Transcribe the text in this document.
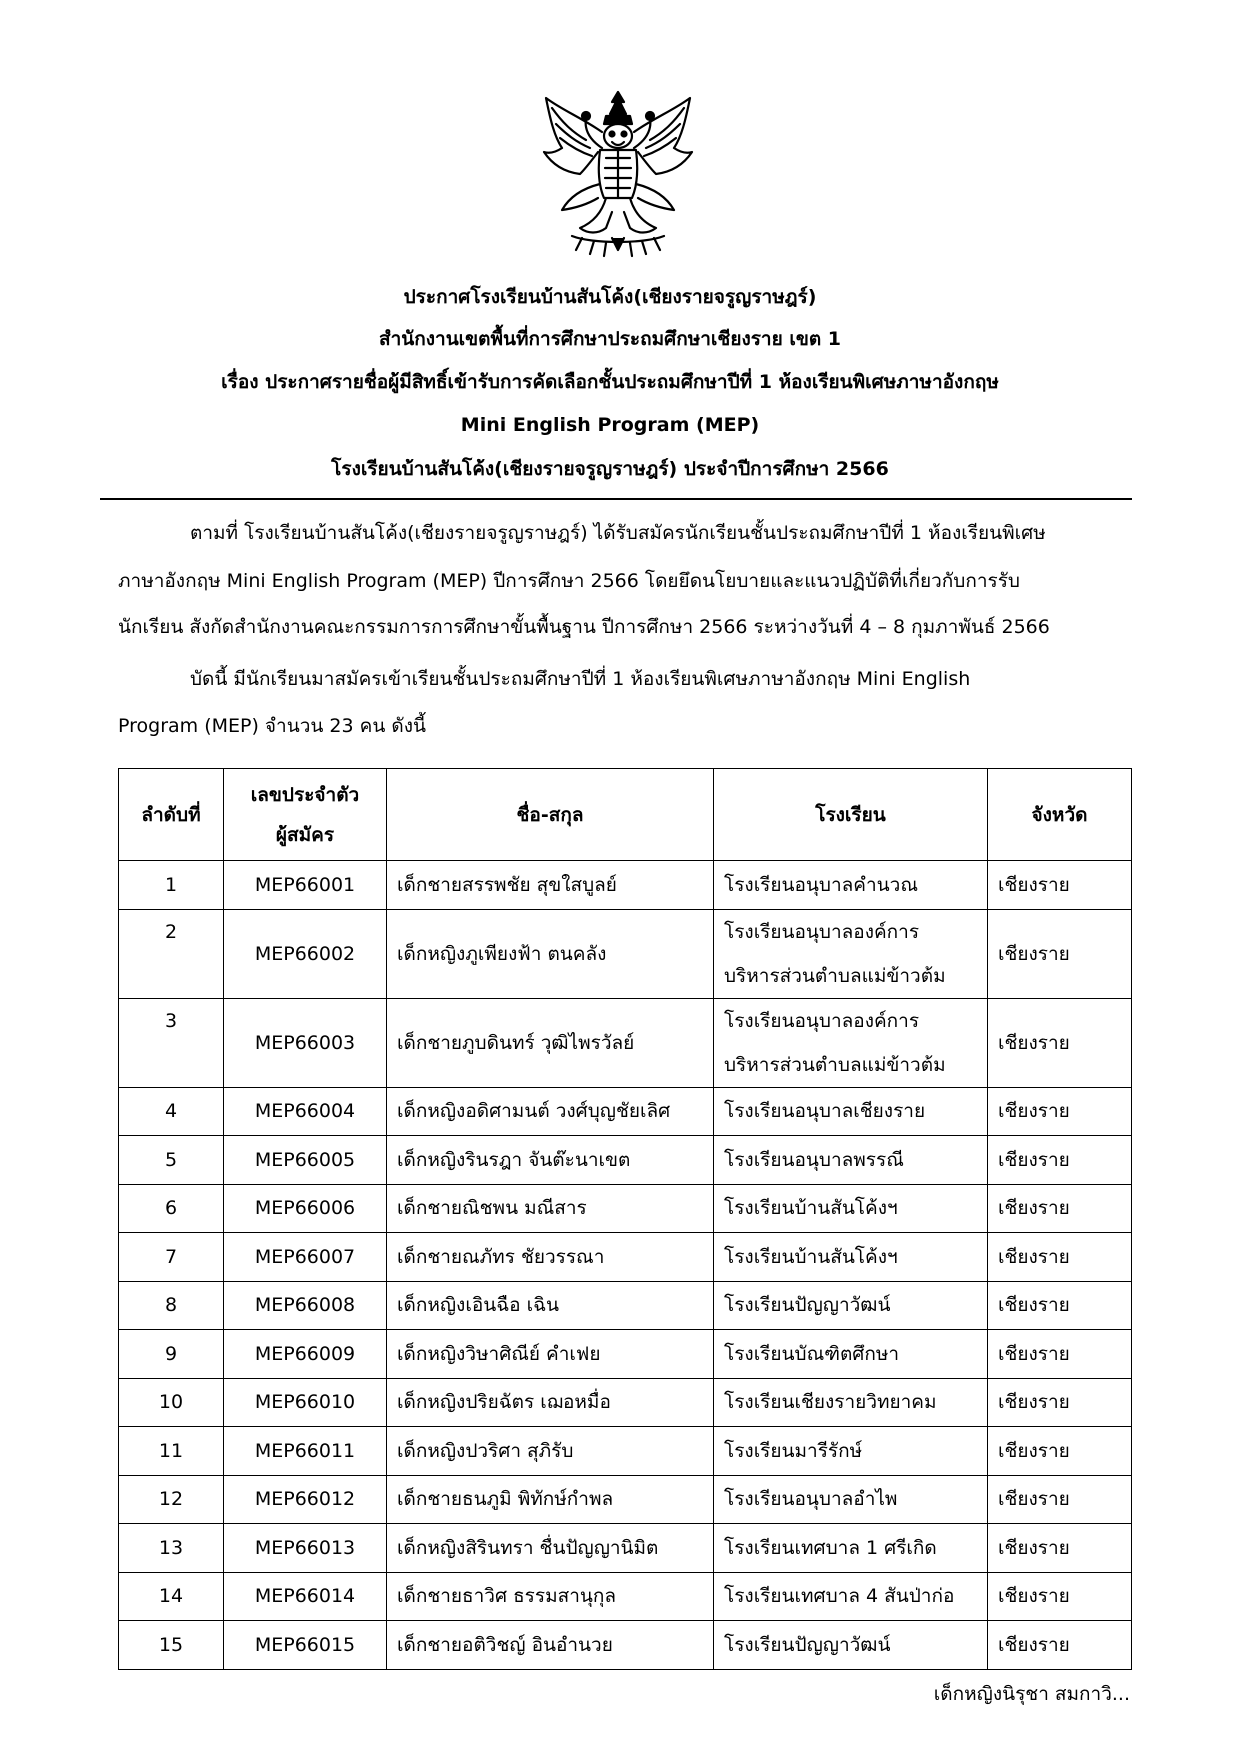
ประกาศโรงเรียนบ้านสันโค้ง(เชียงรายจรูญราษฎร์)
สำนักงานเขตพื้นที่การศึกษาประถมศึกษาเชียงราย เขต 1
เรื่อง ประกาศรายชื่อผู้มีสิทธิ์เข้ารับการคัดเลือกชั้นประถมศึกษาปีที่ 1 ห้องเรียนพิเศษภาษาอังกฤษ
Mini English Program (MEP)
โรงเรียนบ้านสันโค้ง(เชียงรายจรูญราษฎร์) ประจำปีการศึกษา 2566
ตามที่ โรงเรียนบ้านสันโค้ง(เชียงรายจรูญราษฎร์) ได้รับสมัครนักเรียนชั้นประถมศึกษาปีที่ 1 ห้องเรียนพิเศษ
ภาษาอังกฤษ Mini English Program (MEP) ปีการศึกษา 2566 โดยยึดนโยบายและแนวปฏิบัติที่เกี่ยวกับการรับ
นักเรียน สังกัดสำนักงานคณะกรรมการการศึกษาขั้นพื้นฐาน ปีการศึกษา 2566 ระหว่างวันที่ 4 – 8 กุมภาพันธ์ 2566
บัดนี้ มีนักเรียนมาสมัครเข้าเรียนชั้นประถมศึกษาปีที่ 1 ห้องเรียนพิเศษภาษาอังกฤษ Mini English
Program (MEP) จำนวน 23 คน ดังนี้
ลำดับที่	เลขประจำตัว
ผู้สมัคร	ชื่อ-สกุล	โรงเรียน	จังหวัด
1	MEP66001	เด็กชายสรรพชัย สุขใสบูลย์	โรงเรียนอนุบาลคำนวณ	เชียงราย
2	MEP66002	เด็กหญิงภูเพียงฟ้า ตนคลัง	โรงเรียนอนุบาลองค์การ
บริหารส่วนตำบลแม่ข้าวต้ม	เชียงราย
3	MEP66003	เด็กชายภูบดินทร์ วุฒิไพรวัลย์	โรงเรียนอนุบาลองค์การ
บริหารส่วนตำบลแม่ข้าวต้ม	เชียงราย
4	MEP66004	เด็กหญิงอดิศามนต์ วงศ์บุญชัยเลิศ	โรงเรียนอนุบาลเชียงราย	เชียงราย
5	MEP66005	เด็กหญิงรินรฎา จันต๊ะนาเขต	โรงเรียนอนุบาลพรรณี	เชียงราย
6	MEP66006	เด็กชายณิชพน มณีสาร	โรงเรียนบ้านสันโค้งฯ	เชียงราย
7	MEP66007	เด็กชายณภัทร ชัยวรรณา	โรงเรียนบ้านสันโค้งฯ	เชียงราย
8	MEP66008	เด็กหญิงเอินฉือ เฉิน	โรงเรียนปัญญาวัฒน์	เชียงราย
9	MEP66009	เด็กหญิงวิษาศิณีย์ คำเฟย	โรงเรียนบัณฑิตศึกษา	เชียงราย
10	MEP66010	เด็กหญิงปริยฉัตร เฌอหมื่อ	โรงเรียนเชียงรายวิทยาคม	เชียงราย
11	MEP66011	เด็กหญิงปวริศา สุภิรับ	โรงเรียนมารีรักษ์	เชียงราย
12	MEP66012	เด็กชายธนภูมิ พิทักษ์กำพล	โรงเรียนอนุบาลอำไพ	เชียงราย
13	MEP66013	เด็กหญิงสิรินทรา ชื่นปัญญานิมิต	โรงเรียนเทศบาล 1 ศรีเกิด	เชียงราย
14	MEP66014	เด็กชายธาวิศ ธรรมสานุกุล	โรงเรียนเทศบาล 4 สันป่าก่อ	เชียงราย
15	MEP66015	เด็กชายอติวิชญ์ อินอำนวย	โรงเรียนปัญญาวัฒน์	เชียงราย
เด็กหญิงนิรุชา สมกาวิ...
